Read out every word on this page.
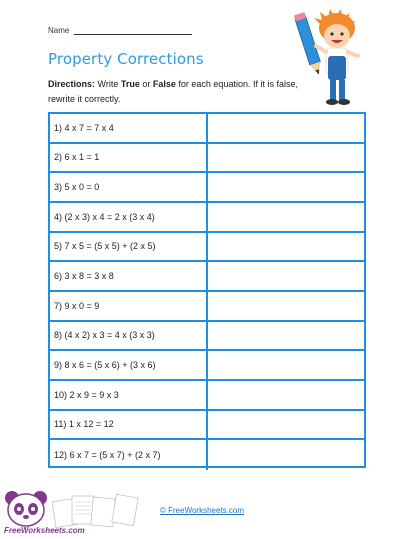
Name
Property Corrections
Directions: Write True or False for each equation. If it is false, rewrite it correctly.
1) 4 x 7 = 7 x 4
2) 6 x 1 = 1
3) 5 x 0 = 0
4) (2 x 3) x 4 = 2 x (3 x 4)
5) 7 x 5 = (5 x 5) + (2 x 5)
6) 3 x 8 = 3 x 8
7) 9 x 0 = 9
8) (4 x 2) x 3 = 4 x (3 x 3)
9) 8 x 6 = (5 x 6) + (3 x 6)
10) 2 x 9 = 9 x 3
11) 1 x 12 = 12
12) 6 x 7 = (5 x 7) + (2 x 7)
FreeWorksheets.com
© FreeWorksheets.com
